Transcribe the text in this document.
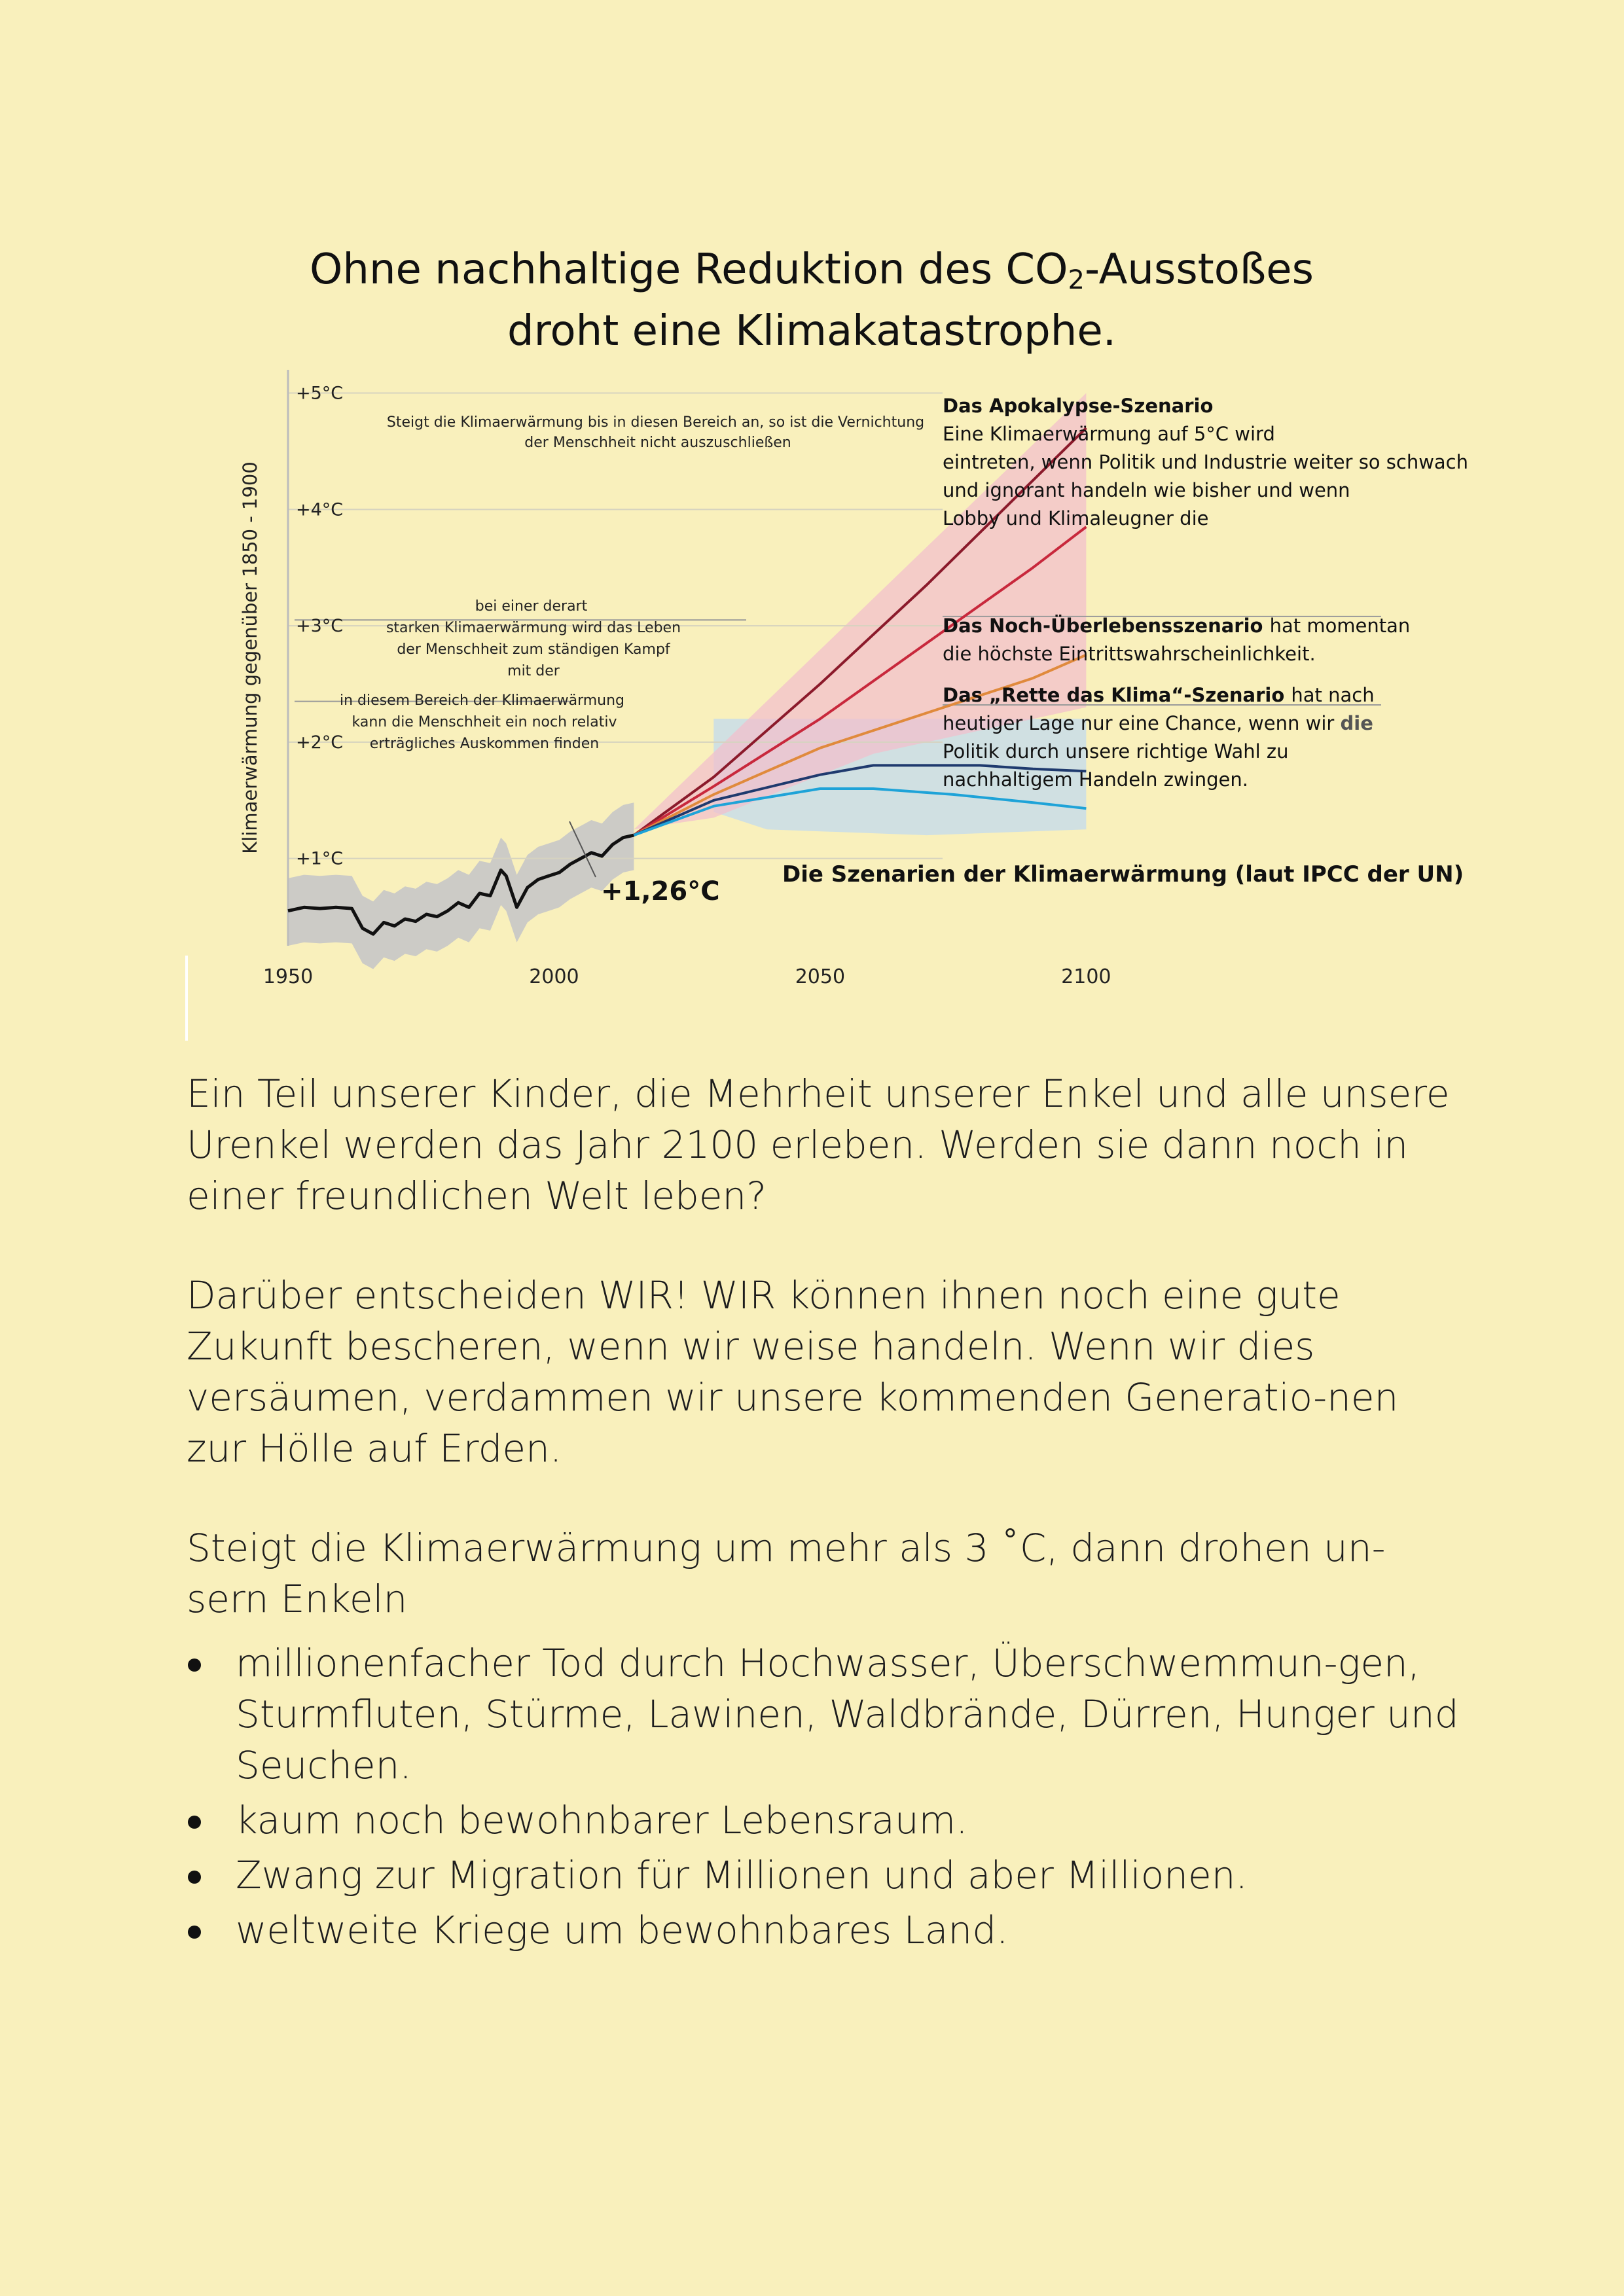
Ohne nachhaltige Reduktion des CO2-Ausstoßes
droht eine Klimakatastrophe.
+1°C
+2°C
+3°C
+4°C
+5°C
1950	2000	2050	2100
Klimaerwärmung gegenüber 1850 - 1900
Steigt die Klimaerwärmung bis in diesen Bereich an, so ist die Vernichtung der Menschheit nicht auszuschließen
bei einer derart starken Klimaerwärmung wird das Leben der Menschheit zum ständigen Kampf mit der
in diesem Bereich der Klimaerwärmung kann die Menschheit ein noch relativ erträgliches Auskommen finden
+1,26°C
Das Apokalypse-Szenario Eine Klimaerwärmung auf 5°C wird eintreten, wenn Politik und Industrie weiter so schwach und ignorant handeln wie bisher und wenn Lobby und Klimaleugner die
Das Noch-Überlebensszenario hat momentan die höchste Eintrittswahrscheinlichkeit.
Das „Rette das Klima“-Szenario hat nach heutiger Lage nur eine Chance, wenn wir die Politik durch unsere richtige Wahl zu nachhaltigem Handeln zwingen.
Die Szenarien der Klimaerwärmung (laut IPCC der UN)

Ein Teil unserer Kinder, die Mehrheit unserer Enkel und alle unsere Urenkel werden das Jahr 2100 erleben. Werden sie dann noch in einer freundlichen Welt leben?

Darüber entscheiden WIR! WIR können ihnen noch eine gute Zukunft bescheren, wenn wir weise handeln. Wenn wir dies versäumen, verdammen wir unsere kommenden Generatio-nen zur Hölle auf Erden.

Steigt die Klimaerwärmung um mehr als 3 ˚C, dann drohen un-sern Enkeln

millionenfacher Tod durch Hochwasser, Überschwemmun-gen, Sturmfluten, Stürme, Lawinen, Waldbrände, Dürren, Hunger und Seuchen.
kaum noch bewohnbarer Lebensraum.
Zwang zur Migration für Millionen und aber Millionen.
weltweite Kriege um bewohnbares Land.
